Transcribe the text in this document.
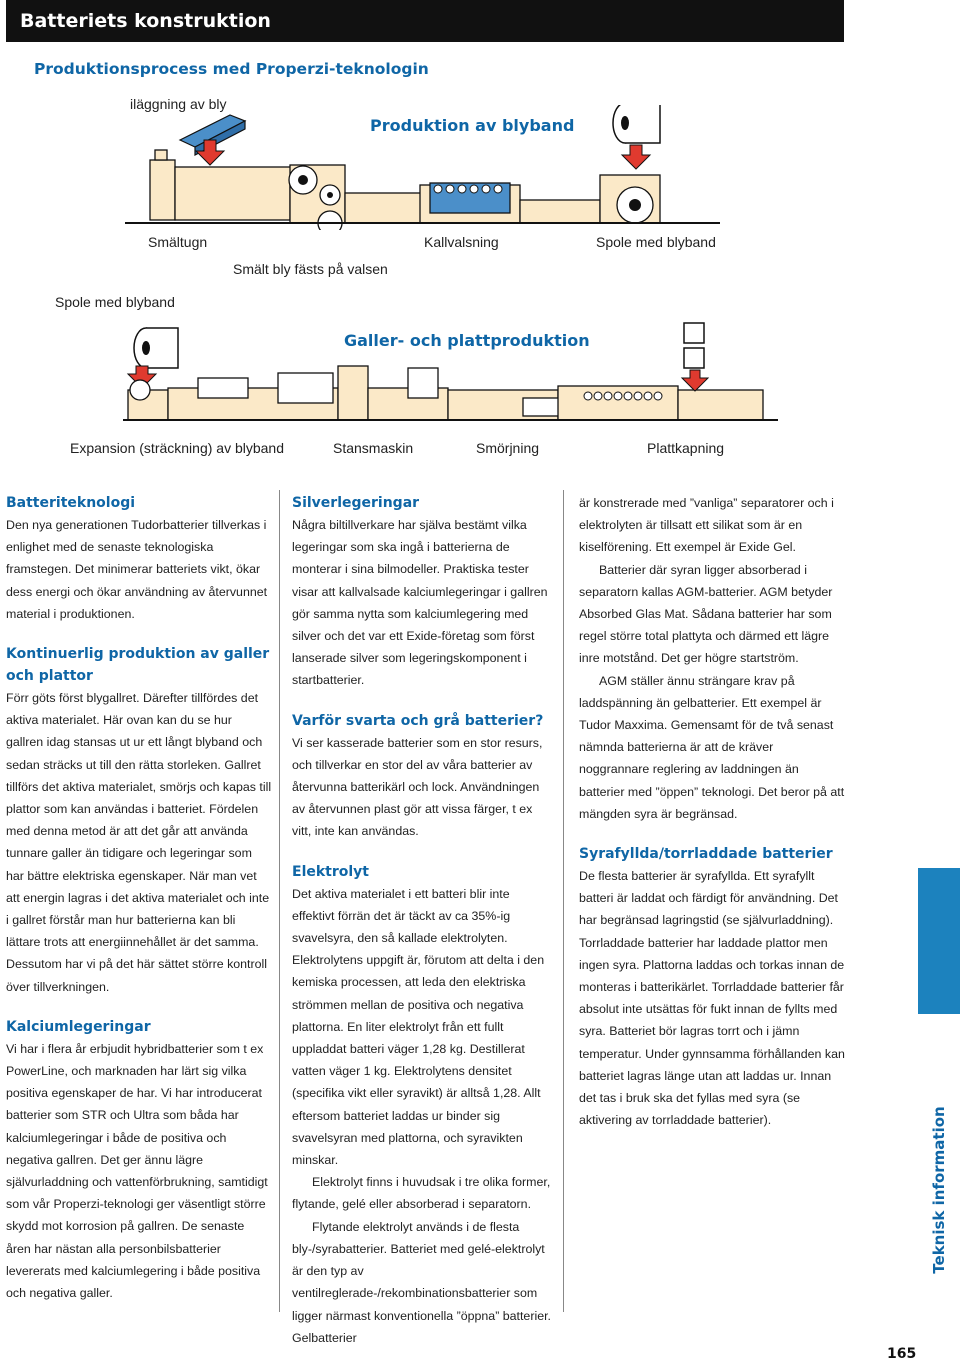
Batteriets konstruktion
Produktionsprocess med Properzi-teknologin
iläggning av bly
Produktion av blyband
Smältugn
Smält bly fästs på valsen
Kallvalsning	Spole med blyband
Spole med blyband
Galler- och plattproduktion
Expansion (sträckning) av blyband	Stansmaskin	Smörjning	Plattkapning
Batteriteknologi

Den nya generationen Tudorbatterier tillverkas i enlighet med de senaste teknologiska framstegen. Det minimerar batteriets vikt, ökar dess energi och ökar användning av återvunnet material i produktionen.

Kontinuerlig produktion av galler och plattor

Förr göts först blygallret. Därefter tillfördes det aktiva materialet. Här ovan kan du se hur gallren idag stansas ut ur ett långt blyband och sedan sträcks ut till den rätta storleken. Gallret tillförs det aktiva materialet, smörjs och kapas till plattor som kan användas i batteriet. Fördelen med denna metod är att det går att använda tunnare galler än tidigare och legeringar som har bättre elektriska egenskaper. När man vet att energin lagras i det aktiva materialet och inte i gallret förstår man hur batterierna kan bli lättare trots att energiinnehållet är det samma. Dessutom har vi på det här sättet större kontroll över tillverkningen.

Kalciumlegeringar

Vi har i flera år erbjudit hybridbatterier som t ex PowerLine, och marknaden har lärt sig vilka positiva egenskaper de har. Vi har introducerat batterier som STR och Ultra som båda har kalciumlegeringar i både de positiva och negativa gallren. Det ger ännu lägre självurladdning och vattenförbrukning, samtidigt som vår Properzi-teknologi ger väsentligt större skydd mot korrosion på gallren. De senaste åren har nästan alla personbilsbatterier levererats med kalciumlegering i både positiva och negativa galler.

Silverlegeringar

Några biltillverkare har själva bestämt vilka legeringar som ska ingå i batterierna de monterar i sina bilmodeller. Praktiska tester visar att kallvalsade kalciumlegeringar i gallren gör samma nytta som kalciumlegering med silver och det var ett Exide-företag som först lanserade silver som legeringskomponent i startbatterier.

Varför svarta och grå batterier?

Vi ser kasserade batterier som en stor resurs, och tillverkar en stor del av våra batterier av återvunna batterikärl och lock. Användningen av återvunnen plast gör att vissa färger, t ex vitt, inte kan användas.

Elektrolyt

Det aktiva materialet i ett batteri blir inte effektivt förrän det är täckt av ca 35%-ig svavelsyra, den så kallade elektrolyten. Elektrolytens uppgift är, förutom att delta i den kemiska processen, att leda den elektriska strömmen mellan de positiva och negativa plattorna. En liter elektrolyt från ett fullt uppladdat batteri väger 1,28 kg. Destillerat vatten väger 1 kg. Elektrolytens densitet (specifika vikt eller syravikt) är alltså 1,28. Allt eftersom batteriet laddas ur binder sig svavelsyran med plattorna, och syravikten minskar.

Elektrolyt finns i huvudsak i tre olika former, flytande, gelé eller absorberad i separatorn.

Flytande elektrolyt används i de flesta bly-/syrabatterier. Batteriet med gelé-elektrolyt är den typ av ventilreglerade-/rekombinationsbatterier som ligger närmast konventionella ”öppna” batterier. Gelbatterier

är konstrerade med ”vanliga” separatorer och i elektrolyten är tillsatt ett silikat som är en kiselförening. Ett exempel är Exide Gel.

Batterier där syran ligger absorberad i separatorn kallas AGM-batterier. AGM betyder Absorbed Glas Mat. Sådana batterier har som regel större total plattyta och därmed ett lägre inre motstånd. Det ger högre startström.

AGM ställer ännu strängare krav på laddspänning än gelbatterier. Ett exempel är Tudor Maxxima. Gemensamt för de två senast nämnda batterierna är att de kräver noggrannare reglering av laddningen än batterier med ”öppen” teknologi. Det beror på att mängden syra är begränsad.

Syrafyllda/torrladdade batterier

De flesta batterier är syrafyllda. Ett syrafyllt batteri är laddat och färdigt för användning. Det har begränsad lagringstid (se självurladdning). Torrladdade batterier har laddade plattor men ingen syra. Plattorna laddas och torkas innan de monteras i batterikärlet. Torrladdade batterier får absolut inte utsättas för fukt innan de fyllts med syra. Batteriet bör lagras torrt och i jämn temperatur. Under gynnsamma förhållanden kan batteriet lagras länge utan att laddas ur. Innan det tas i bruk ska det fyllas med syra (se aktivering av torrladdade batterier).	Teknisk information
165
